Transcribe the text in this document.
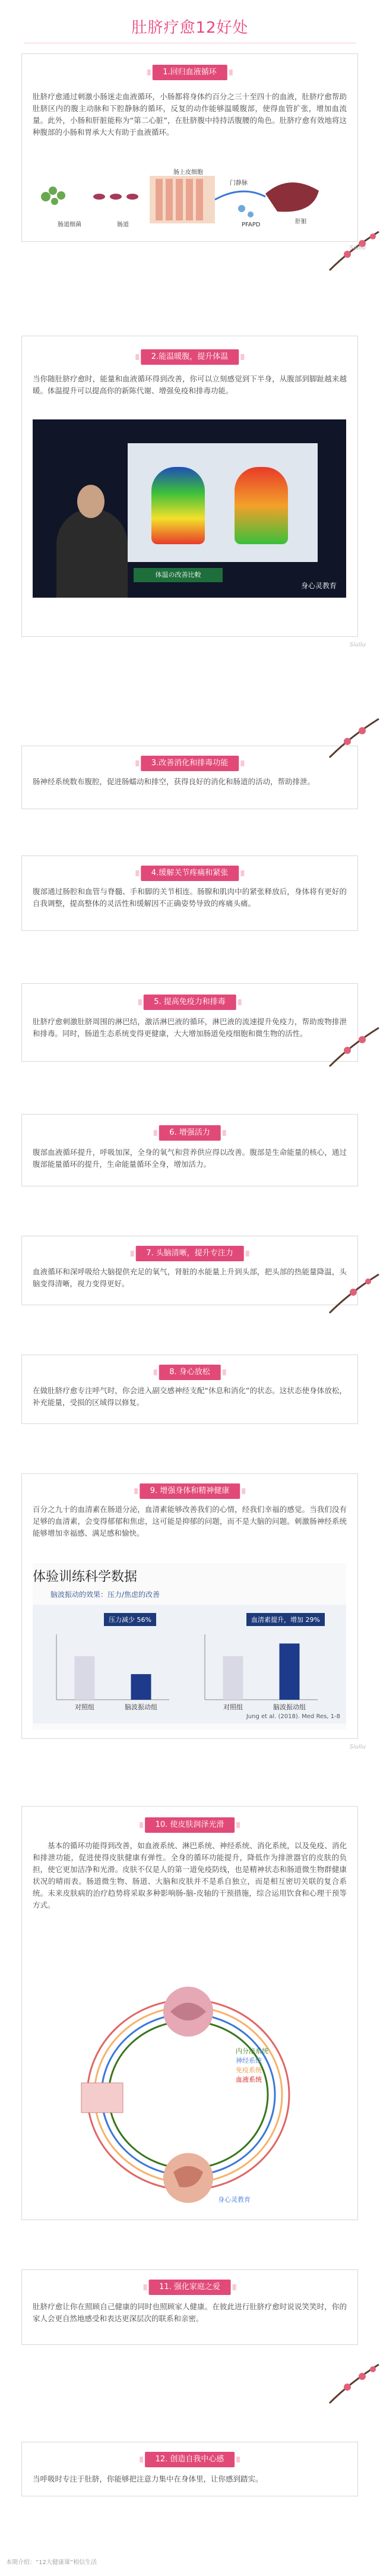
肚脐疗愈12好处
1.回归血液循环
肚脐疗愈通过刺激小肠迷走血液循环，小肠都将身体约百分之三十至四十的血液，肚脐疗愈帮助肚脐区内的腹主动脉和下腔静脉的循环，反复的动作能够温暖腹部，使得血管扩张，增加血流量。此外，小肠和肝脏能称为“第二心脏”，在肚脐腹中持持活腹腰的角色。肚脐疗愈有效地将这种腹部的小肠和胃承大大有助于血液循环。
肠道细菌	肠道
肠上皮细胞
门静脉
PFAPD	肝脏
2.能温暖腹，提升体温
当你随肚脐疗愈时，能量和血液循环得到改善，你可以立刻感觉到下半身，从腹部到脚趾越来越暖。体温提升可以提高你的新陈代谢、增强免疫和排毒功能。
体温の改善比較
身心灵教育
3.改善消化和排毒功能
肠神经系统数布腹腔，促进肠蠕动和排空，获得良好的消化和肠道的活动，帮助排泄。
4.缓解关节疼痛和紧张
腹部通过肠腔和血管与脊髓、手和脚的关节相连。肠腺和肌肉中的紧张释放后，身体将有更好的自我调整，提高整体的灵活性和缓解因不正确姿势导致的疼痛头痛。
5. 提高免疫力和排毒
肚脐疗愈刺激肚脐周围的淋巴结，激活淋巴液的循环，淋巴液的流速提升免疫力，帮助废物排泄和排毒。同时，肠道生态系统变得更健康，大大增加肠道免疫细胞和微生物的活性。
6. 增强活力
腹部血液循环提升，呼吸加深，全身的氧气和营养供应得以改善。腹部是生命能量的核心，通过腹部能量循环的提升，生命能量循环全身，增加活力。
7. 头脑清晰，提升专注力
血液循环和深呼吸给大脑提供充足的氧气，肾脏的水能量上升到头部，把头部的热能量降温，头脑变得清晰，视力变得更好。
8. 身心放松
在做肚脐疗愈专注呼气时，你会进入副交感神经支配“休息和消化”的状态。这状态使身体放松，补充能量，受损的区域得以修复。
9. 增强身体和精神健康
百分之九十的血清素在肠道分泌，血清素能够改善我们的心情，经我们幸福的感觉。当我们没有足够的血清素，会变得郁郁和焦虑，这可能是抑郁的问题，而不是大脑的问题。刺激肠神经系统能够增加幸福感、满足感和愉快。
体验训练科学数据
脑波振动的效果：压力/焦虑的改善
对照组	脑波振动组	对照组	脑波振动组
压力减少 56%	血清素提升，增加 29%
Jung et al. (2018). Med Res, 1-8
10. 使皮肤润泽光滑
基本的循环功能得到改善，如血液系统、淋巴系统、神经系统、消化系统，以及免疫、消化和排泄功能，促进使得皮肤健康有弹性。全身的循环功能提升，降低作为排泄器官的皮肤的负担，使它更加洁净和光滑。皮肤不仅是人的第一道免疫防线，也是精神状态和肠道微生物群健康状况的晴雨表。肠道微生物、肠道、大脑和皮肤并不是系自独立，而是相互密切关联的复合系统。未来皮肤病的治疗趋势将采取多种影响肠-脑-皮轴的干预措施，综合运用饮食和心理干预等方式。
内分泌系统
神经系统
免疫系统
血液系统
身心灵教育
11. 强化家庭之爱
肚脐疗愈让你在照顾自己健康的同时也照顾家人健康。在彼此进行肚脐疗愈时说说笑笑时，你的家人会更自然地感受和表达更深层次的联系和亲密。
12. 创造自我中心感
当呼吸时专注于肚脐，你能够把注意力集中在身体里，让你感到踏实。
Siuliu
Siuliu
Siuliu
本期介绍：“12大健康课”相信生活
